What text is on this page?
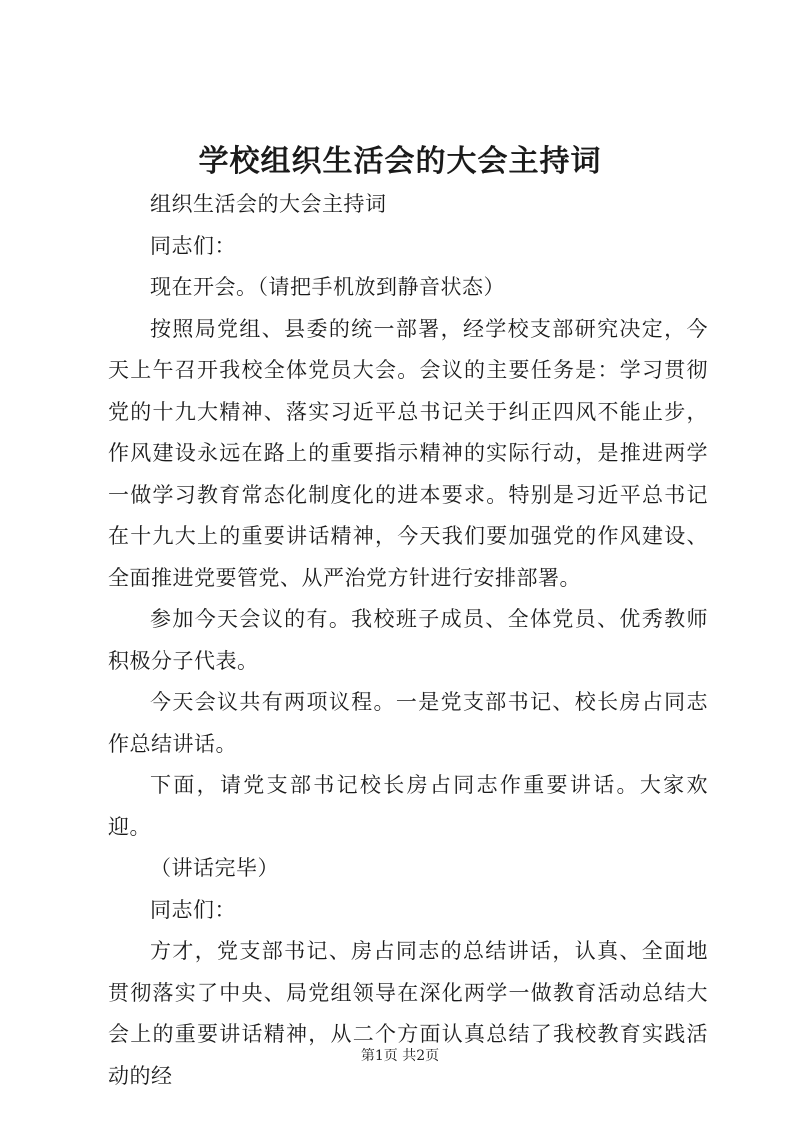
学校组织生活会的大会主持词

组织生活会的大会主持词

同志们：

现在开会。（请把手机放到静音状态）

按照局党组、县委的统一部署，经学校支部研究决定，今天上午召开我校全体党员大会。会议的主要任务是：学习贯彻党的十九大精神、落实习近平总书记关于纠正四风不能止步，作风建设永远在路上的重要指示精神的实际行动，是推进两学一做学习教育常态化制度化的进本要求。特别是习近平总书记在十九大上的重要讲话精神，今天我们要加强党的作风建设、全面推进党要管党、从严治党方针进行安排部署。

参加今天会议的有。我校班子成员、全体党员、优秀教师积极分子代表。

今天会议共有两项议程。一是党支部书记、校长房占同志作总结讲话。

下面，请党支部书记校长房占同志作重要讲话。大家欢迎。

（讲话完毕）

同志们：

方才，党支部书记、房占同志的总结讲话，认真、全面地贯彻落实了中央、局党组领导在深化两学一做教育活动总结大会上的重要讲话精神，从二个方面认真总结了我校教育实践活动的经

第1页 共2页
